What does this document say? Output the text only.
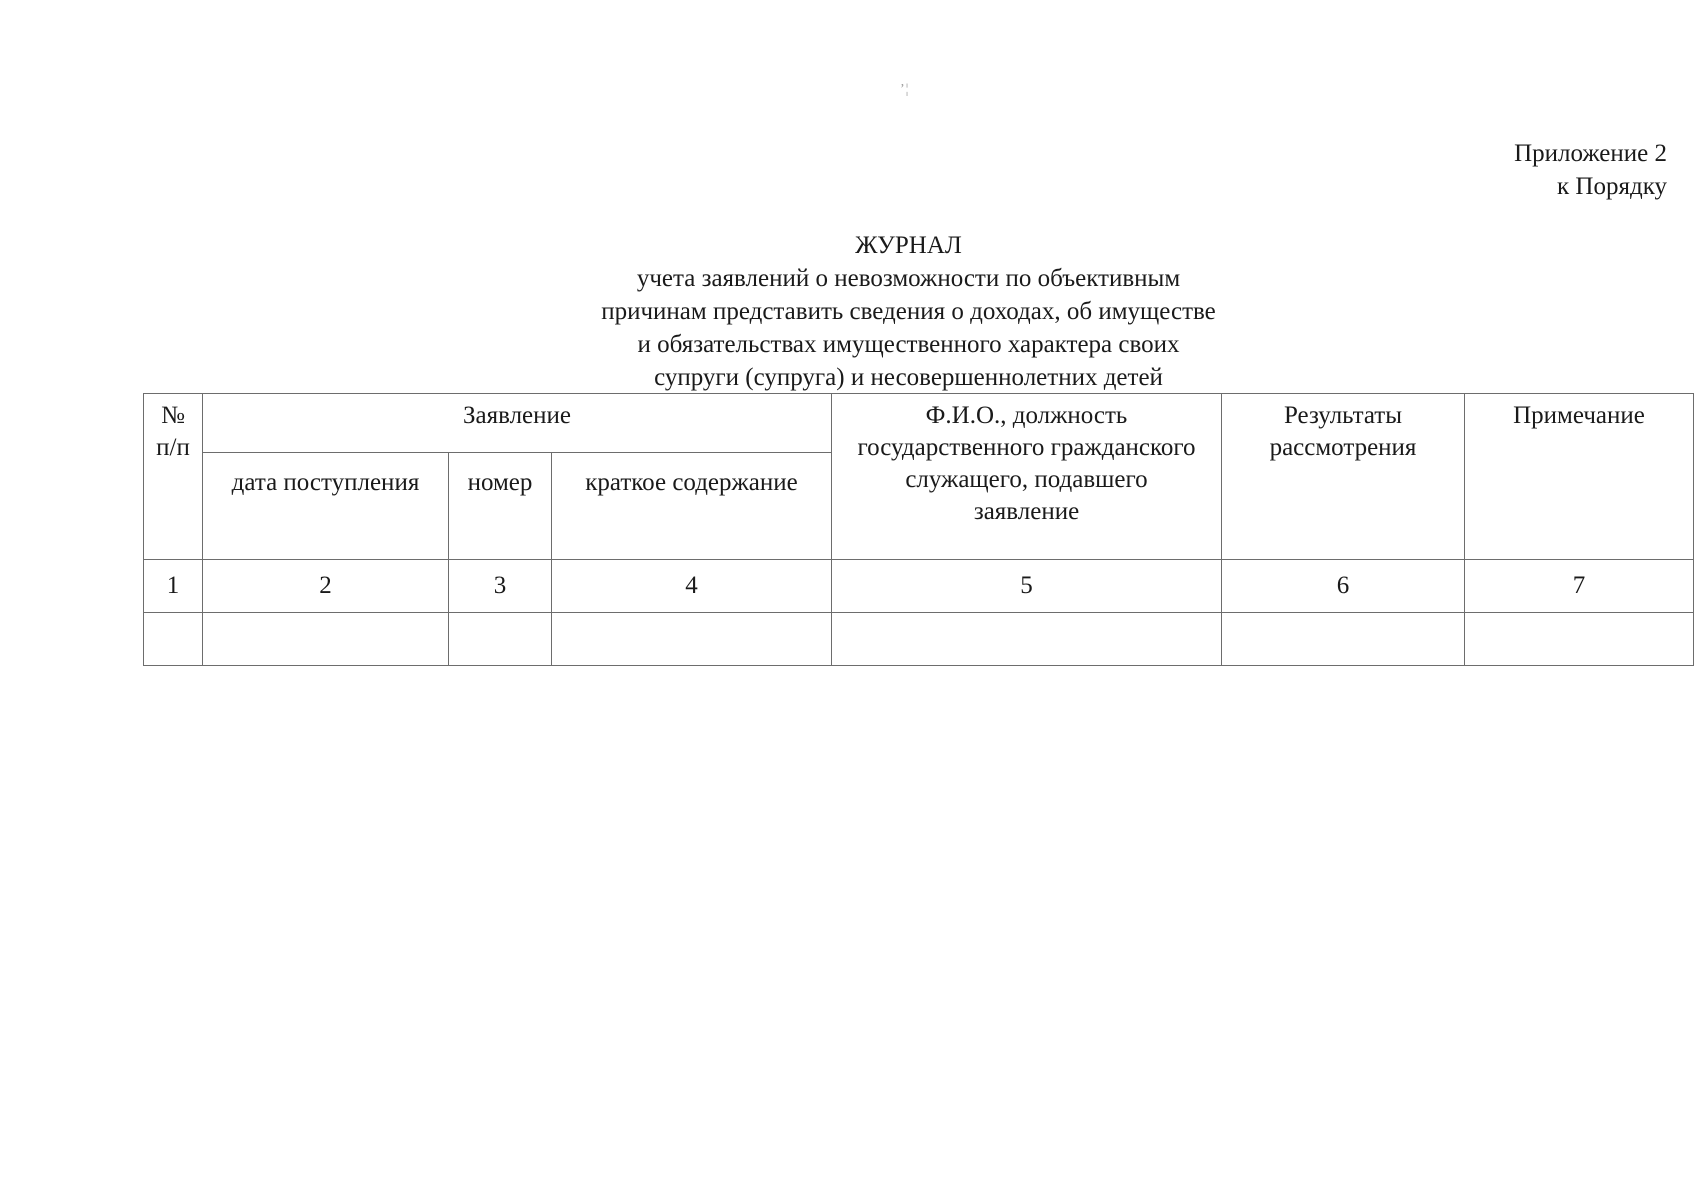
’¦
Приложение 2
к Порядку
ЖУРНАЛ
учета заявлений о невозможности по объективным
причинам представить сведения о доходах, об имуществе
и обязательствах имущественного характера своих
супруги (супруга) и несовершеннолетних детей
№ п/п	Заявление			Ф.И.О., должность государственного гражданского служащего, подавшего заявление	Результаты рассмотрения	Примечание

	дата поступления	номер	краткое содержание			

1	2	3	4	5	6	7
